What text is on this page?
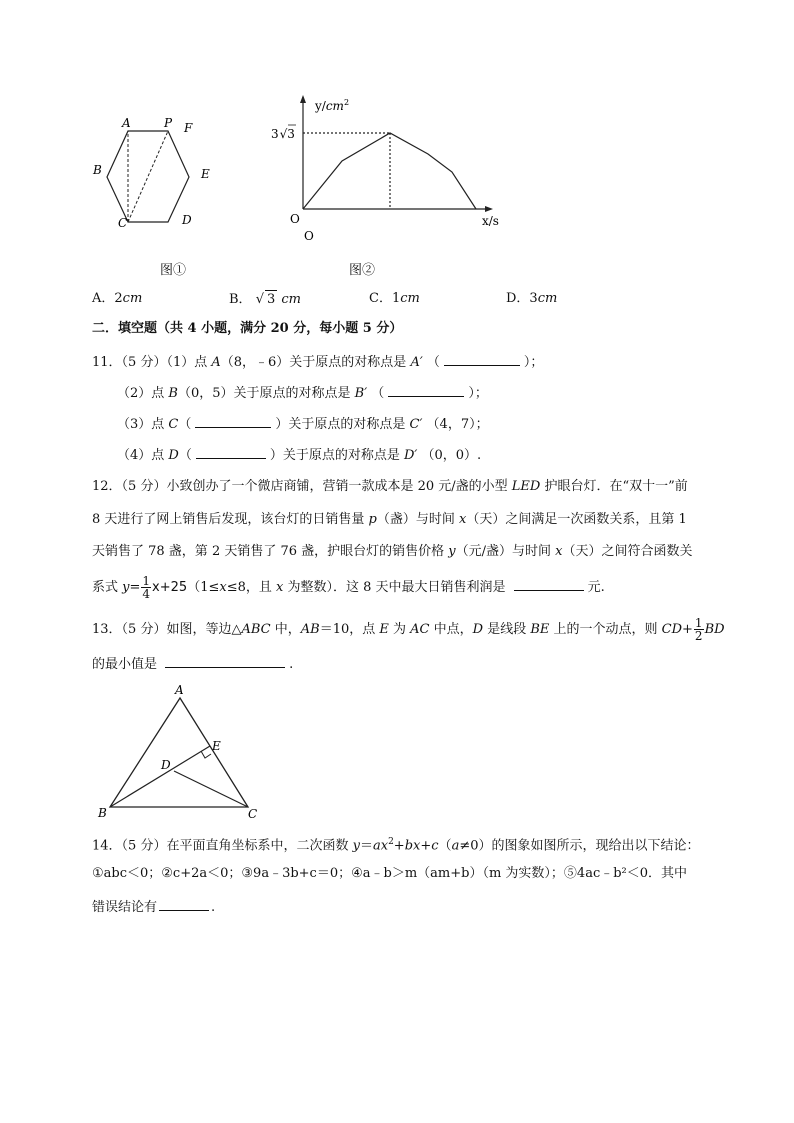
A	P F
B	E
C	D
图①
$y/cm^2$
3√3
O
O
x/s
图②
A．2cm	B． √ 3 cm	C．1cm	D．3cm
二．填空题（共 4 小题，满分 20 分，每小题 5 分）
11．（5 分）（1）点 A（8，﹣6）关于原点的对称点是 A′ （	）；
（2）点 B（0，5）关于原点的对称点是 B′ （	）；
（3）点 C（	）关于原点的对称点是 C′ （4，7）；
（4）点 D（	）关于原点的对称点是 D′ （0，0）.
12．（5 分）小致创办了一个微店商铺，营销一款成本是 20 元/盏的小型 LED 护眼台灯．在“双十一”前
8 天进行了网上销售后发现，该台灯的日销售量 p（盏）与时间 x（天）之间满足一次函数关系，且第 1
天销售了 78 盏，第 2 天销售了 76 盏，护眼台灯的销售价格 y（元/盏）与时间 x（天）之间符合函数关
系式 $y= \frac{1}{4} x+25(1\le x\le 8$，且 x 为整数）．这 8 天中最大日销售利润是	元.
13．（5 分）如图，等边△ABC 中，AB＝10，点 E 为 AC 中点，D 是线段 BE 上的一个动点，则 $CD+ \frac{1}{2}$ BD
的最小值是	.
A
E
D
B	C
14．（5 分）在平面直角坐标系中，二次函数 $y=ax^2+bx+c(a\ne 0)$的图象如图所示，现给出以下结论：
①abc＜0；②c+2a＜0；③9a﹣3b+c＝0；④a﹣b＞m（am+b）（m 为实数）；⑤4ac﹣b²＜0．其中
错误结论有	.
